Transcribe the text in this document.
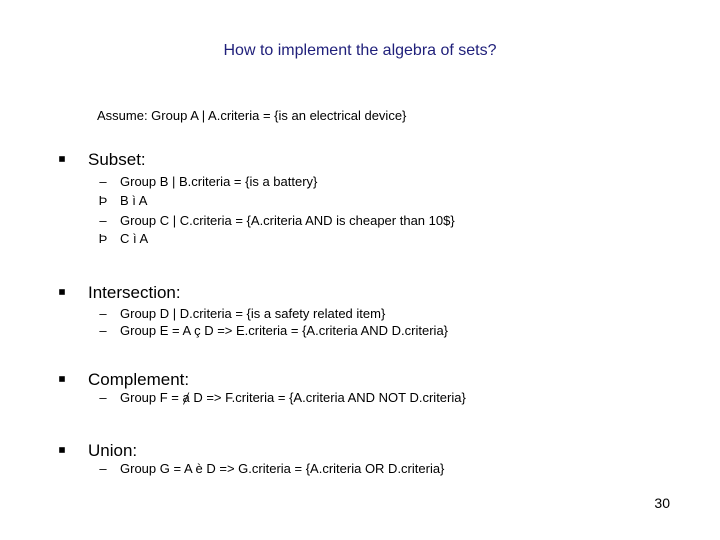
How to implement the algebra of sets?
Assume: Group A | A.criteria = {is an electrical device}
Subset:
– Group B | B.criteria = {is a battery}
Þ B ì A
– Group C | C.criteria = {A.criteria AND is cheaper than 10$}
Þ C ì A
Intersection:
– Group D | D.criteria = {is a safety related item}
– Group E = A ç D => E.criteria = {A.criteria AND D.criteria}
Complement:
– Group F = ⱥ D => F.criteria = {A.criteria AND NOT D.criteria}
Union:
– Group G = A è D => G.criteria = {A.criteria OR D.criteria}
30
